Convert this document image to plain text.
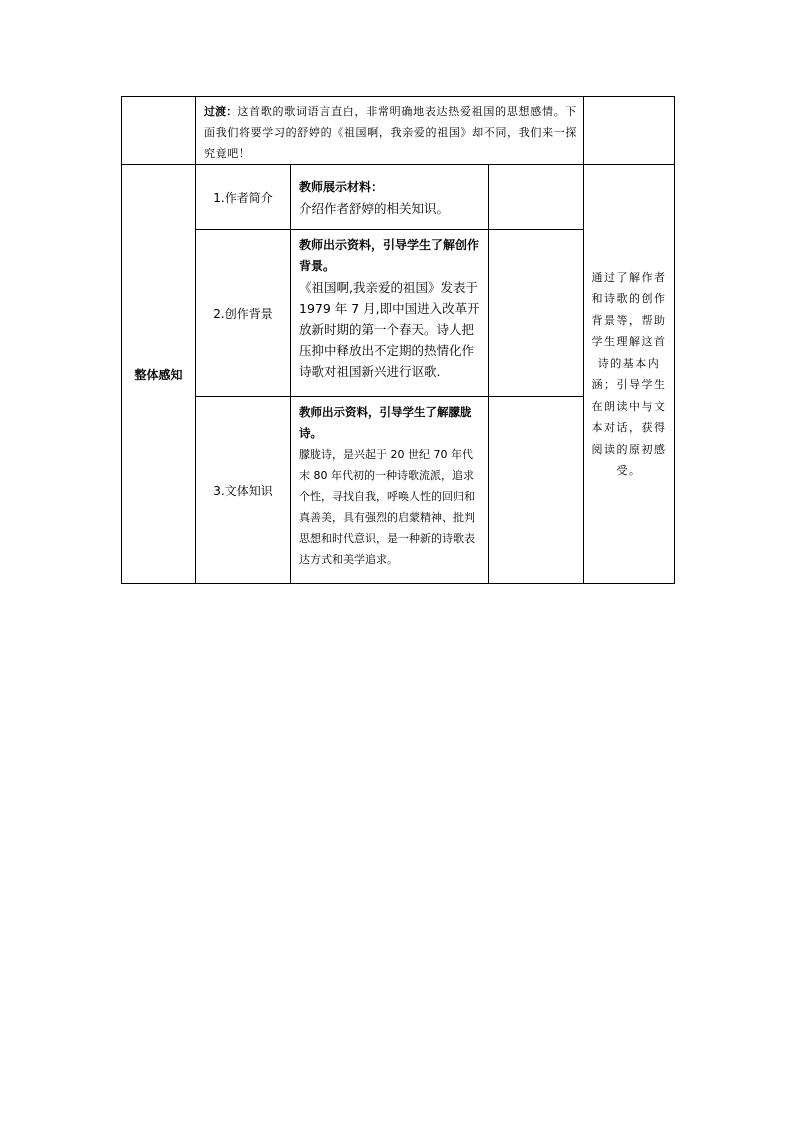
	过渡：这首歌的歌词语言直白，非常明确地表达热爱祖国的思想感情。下面我们将要学习的舒婷的《祖国啊，我亲爱的祖国》却不同，我们来一探究竟吧！			
整体感知	1.作者简介	教师展示材料：
介绍作者舒婷的相关知识。		通过了解作者和诗歌的创作背景等，帮助学生理解这首诗的基本内涵；引导学生在朗读中与文本对话，获得阅读的原初感受。
	2.创作背景	教师出示资料，引导学生了解创作背景。
《祖国啊,我亲爱的祖国》发表于 1979 年 7 月,即中国进入改革开放新时期的第一个春天。诗人把压抑中释放出不定期的热情化作诗歌对祖国新兴进行讴歌.		

	3.文体知识	教师出示资料，引导学生了解朦胧诗。
朦胧诗，是兴起于 20 世纪 70 年代末 80 年代初的一种诗歌流派，追求个性，寻找自我，呼唤人性的回归和真善美，具有强烈的启蒙精神、批判思想和时代意识，是一种新的诗歌表达方式和美学追求。		
